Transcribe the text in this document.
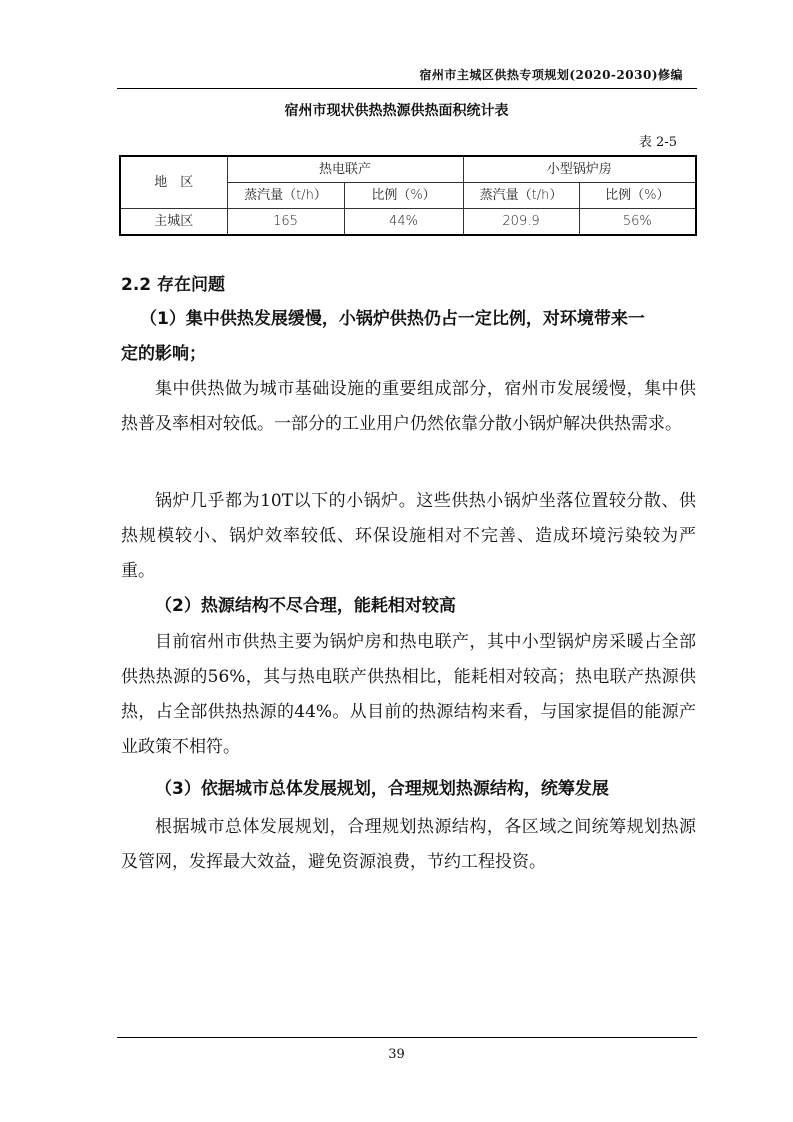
宿州市主城区供热专项规划(2020-2030)修编
宿州市现状供热热源供热面积统计表
表 2-5
地　区	热电联产		小型锅炉房	
	蒸汽量（t/h）	比例（%）	蒸汽量（t/h）	比例（%）
主城区	165	44%	209.9	56%
2.2 存在问题
（1）集中供热发展缓慢，小锅炉供热仍占一定比例，对环境带来一
定的影响；
集中供热做为城市基础设施的重要组成部分，宿州市发展缓慢，集中供热普及率相对较低。一部分的工业用户仍然依靠分散小锅炉解决供热需求。
锅炉几乎都为10T以下的小锅炉。这些供热小锅炉坐落位置较分散、供热规模较小、锅炉效率较低、环保设施相对不完善、造成环境污染较为严重。
（2）热源结构不尽合理，能耗相对较高
目前宿州市供热主要为锅炉房和热电联产，其中小型锅炉房采暖占全部供热热源的56%，其与热电联产供热相比，能耗相对较高；热电联产热源供热，占全部供热热源的44%。从目前的热源结构来看，与国家提倡的能源产业政策不相符。
（3）依据城市总体发展规划，合理规划热源结构，统筹发展
根据城市总体发展规划，合理规划热源结构，各区域之间统筹规划热源及管网，发挥最大效益，避免资源浪费，节约工程投资。
39
